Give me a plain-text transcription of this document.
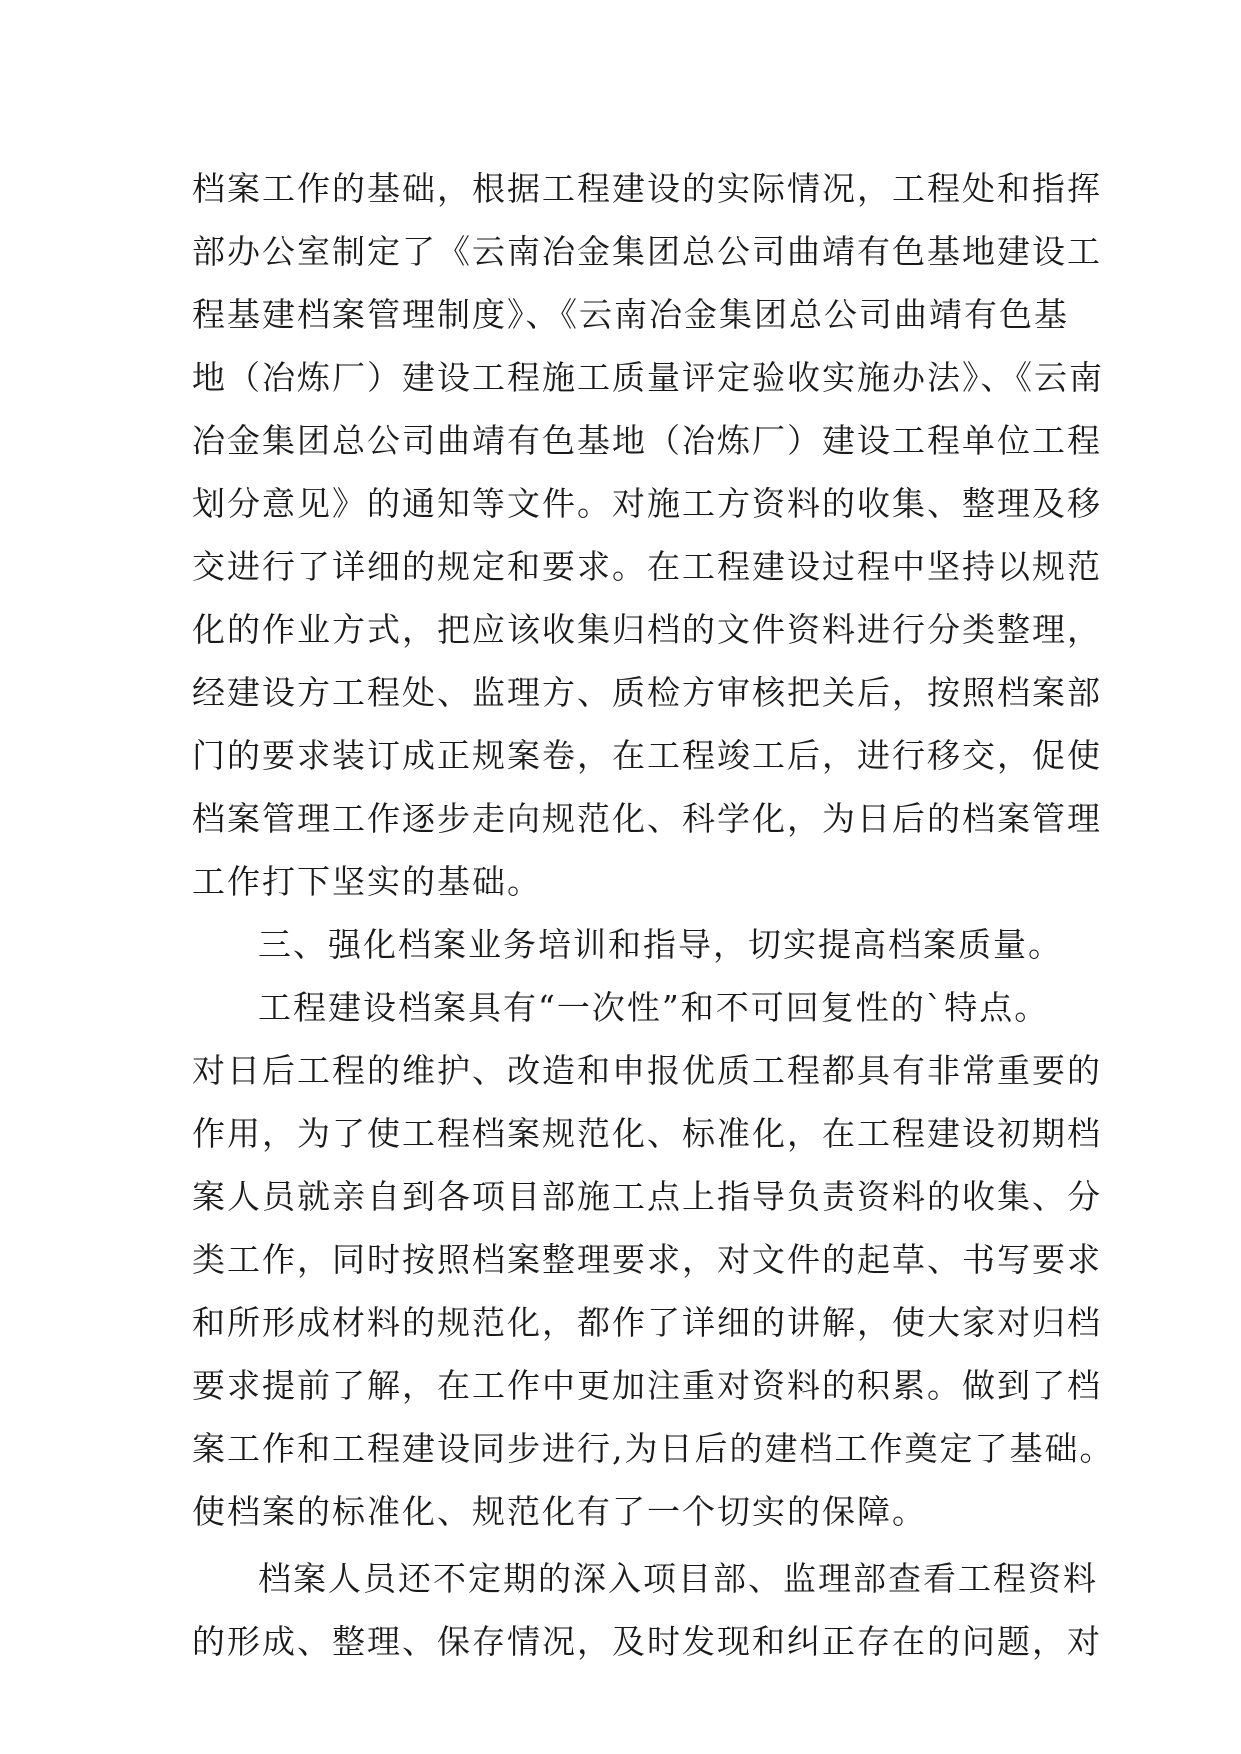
档案工作的基础，根据工程建设的实际情况，工程处和指挥
部办公室制定了《云南冶金集团总公司曲靖有色基地建设工
程基建档案管理制度》、《云南冶金集团总公司曲靖有色基
地（冶炼厂）建设工程施工质量评定验收实施办法》、《云南
冶金集团总公司曲靖有色基地（冶炼厂）建设工程单位工程
划分意见》的通知等文件。对施工方资料的收集、整理及移
交进行了详细的规定和要求。在工程建设过程中坚持以规范
化的作业方式，把应该收集归档的文件资料进行分类整理，
经建设方工程处、监理方、质检方审核把关后，按照档案部
门的要求装订成正规案卷，在工程竣工后，进行移交，促使
档案管理工作逐步走向规范化、科学化，为日后的档案管理
工作打下坚实的基础。
三、强化档案业务培训和指导，切实提高档案质量。
工程建设档案具有“一次性”和不可回复性的`特点。
对日后工程的维护、改造和申报优质工程都具有非常重要的
作用，为了使工程档案规范化、标准化，在工程建设初期档
案人员就亲自到各项目部施工点上指导负责资料的收集、分
类工作，同时按照档案整理要求，对文件的起草、书写要求
和所形成材料的规范化，都作了详细的讲解，使大家对归档
要求提前了解，在工作中更加注重对资料的积累。做到了档
案工作和工程建设同步进行,为日后的建档工作奠定了基础。
使档案的标准化、规范化有了一个切实的保障。
档案人员还不定期的深入项目部、监理部查看工程资料
的形成、整理、保存情况，及时发现和纠正存在的问题，对
